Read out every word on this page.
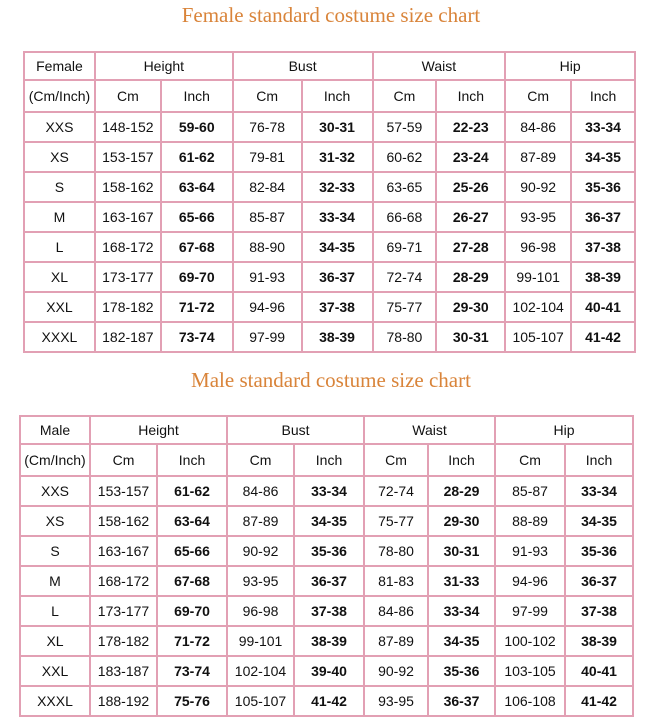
Female standard costume size chart
Female	Height		Bust		Waist		Hip	
(Cm/Inch)	Cm	Inch	Cm	Inch	Cm	Inch	Cm	Inch
XXS	148-152	59-60	76-78	30-31	57-59	22-23	84-86	33-34
XS	153-157	61-62	79-81	31-32	60-62	23-24	87-89	34-35
S	158-162	63-64	82-84	32-33	63-65	25-26	90-92	35-36
M	163-167	65-66	85-87	33-34	66-68	26-27	93-95	36-37
L	168-172	67-68	88-90	34-35	69-71	27-28	96-98	37-38
XL	173-177	69-70	91-93	36-37	72-74	28-29	99-101	38-39
XXL	178-182	71-72	94-96	37-38	75-77	29-30	102-104	40-41
XXXL	182-187	73-74	97-99	38-39	78-80	30-31	105-107	41-42
Male standard costume size chart
Male	Height		Bust		Waist		Hip	
(Cm/Inch)	Cm	Inch	Cm	Inch	Cm	Inch	Cm	Inch
XXS	153-157	61-62	84-86	33-34	72-74	28-29	85-87	33-34
XS	158-162	63-64	87-89	34-35	75-77	29-30	88-89	34-35
S	163-167	65-66	90-92	35-36	78-80	30-31	91-93	35-36
M	168-172	67-68	93-95	36-37	81-83	31-33	94-96	36-37
L	173-177	69-70	96-98	37-38	84-86	33-34	97-99	37-38
XL	178-182	71-72	99-101	38-39	87-89	34-35	100-102	38-39
XXL	183-187	73-74	102-104	39-40	90-92	35-36	103-105	40-41
XXXL	188-192	75-76	105-107	41-42	93-95	36-37	106-108	41-42
